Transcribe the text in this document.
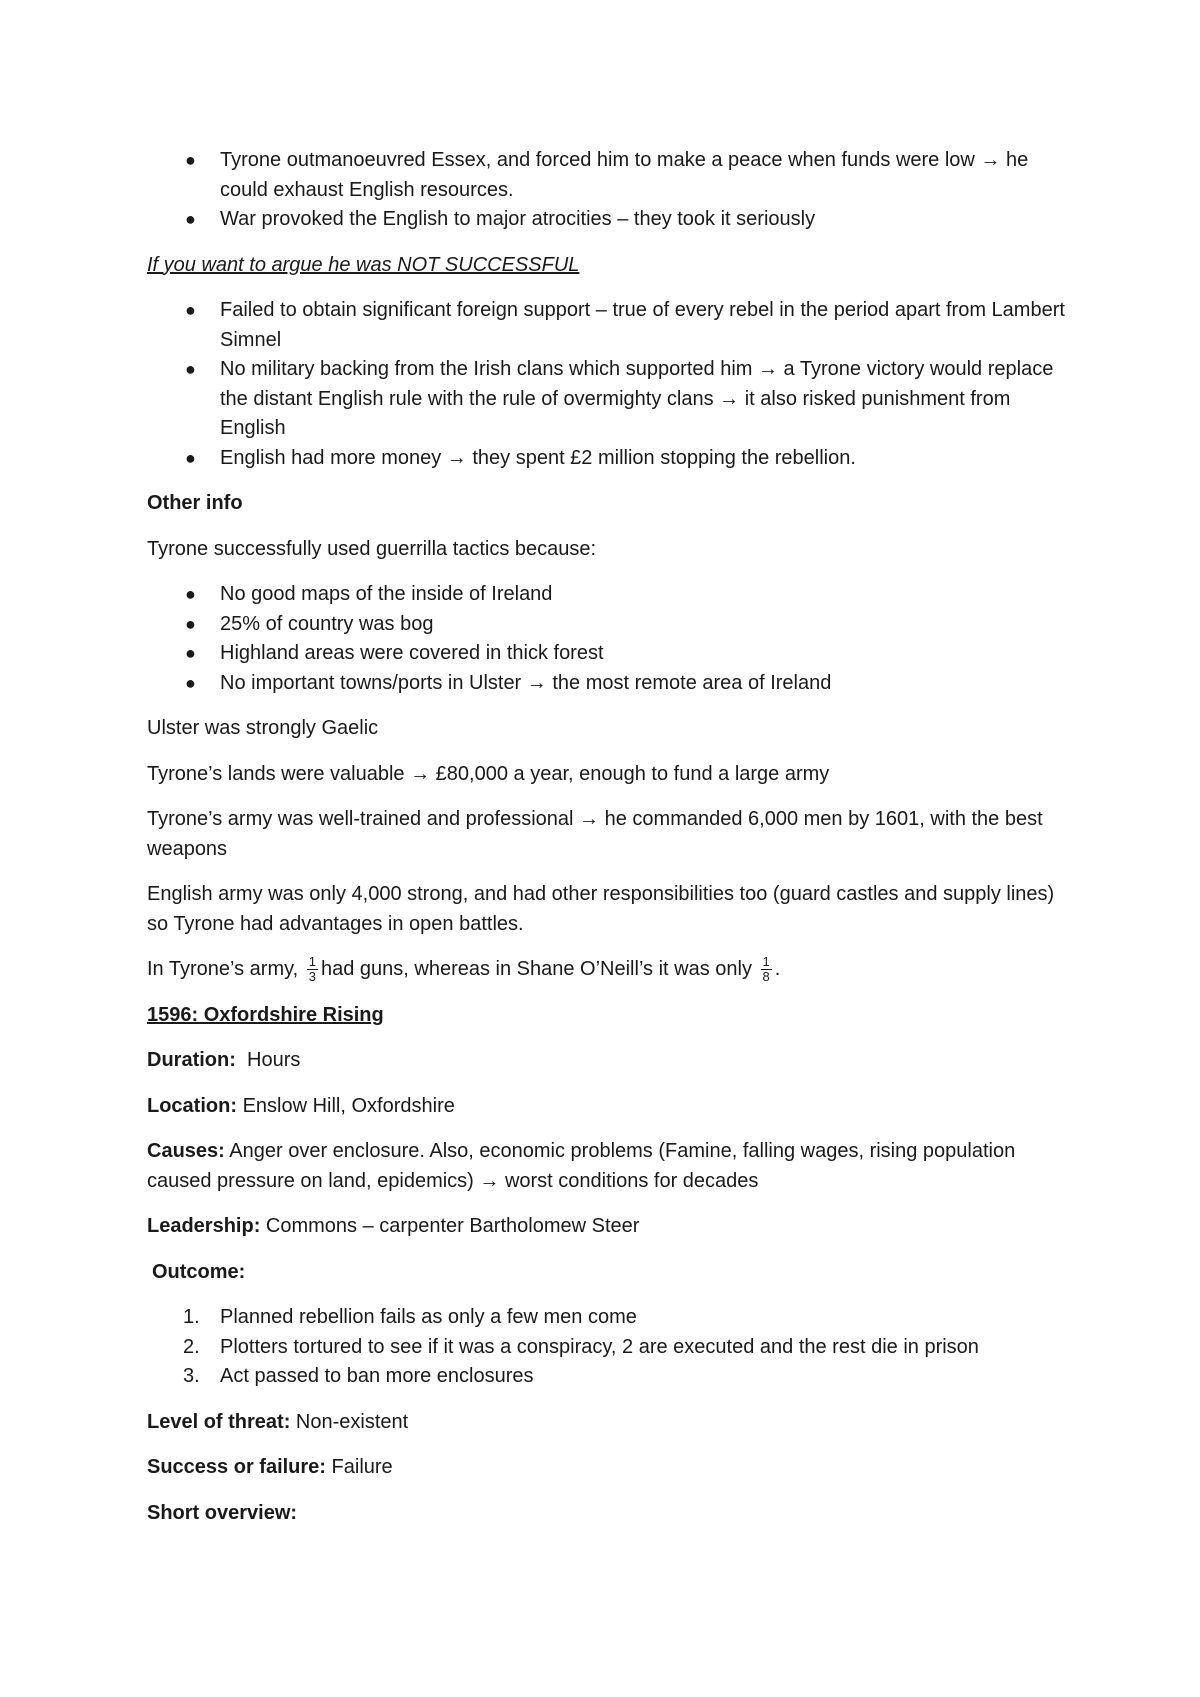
● Tyrone outmanoeuvred Essex, and forced him to make a peace when funds were low → he could exhaust English resources.
● War provoked the English to major atrocities – they took it seriously

If you want to argue he was NOT SUCCESSFUL

● Failed to obtain significant foreign support – true of every rebel in the period apart from Lambert Simnel
● No military backing from the Irish clans which supported him → a Tyrone victory would replace the distant English rule with the rule of overmighty clans → it also risked punishment from English
● English had more money → they spent £2 million stopping the rebellion.

Other info

Tyrone successfully used guerrilla tactics because:

● No good maps of the inside of Ireland
● 25% of country was bog
● Highland areas were covered in thick forest
● No important towns/ports in Ulster → the most remote area of Ireland

Ulster was strongly Gaelic

Tyrone’s lands were valuable → £80,000 a year, enough to fund a large army

Tyrone’s army was well-trained and professional → he commanded 6,000 men by 1601, with the best weapons

English army was only 4,000 strong, and had other responsibilities too (guard castles and supply lines) so Tyrone had advantages in open battles.

In Tyrone’s army, $\frac{1}{3}$ had guns, whereas in Shane O’Neill’s it was only $\frac{1}{8}$ .

1596: Oxfordshire Rising

Duration: Hours

Location: Enslow Hill, Oxfordshire

Causes: Anger over enclosure. Also, economic problems (Famine, falling wages, rising population caused pressure on land, epidemics) → worst conditions for decades

Leadership: Commons – carpenter Bartholomew Steer

Outcome:

1. Planned rebellion fails as only a few men come
2. Plotters tortured to see if it was a conspiracy, 2 are executed and the rest die in prison
3. Act passed to ban more enclosures

Level of threat: Non-existent

Success or failure: Failure

Short overview:
